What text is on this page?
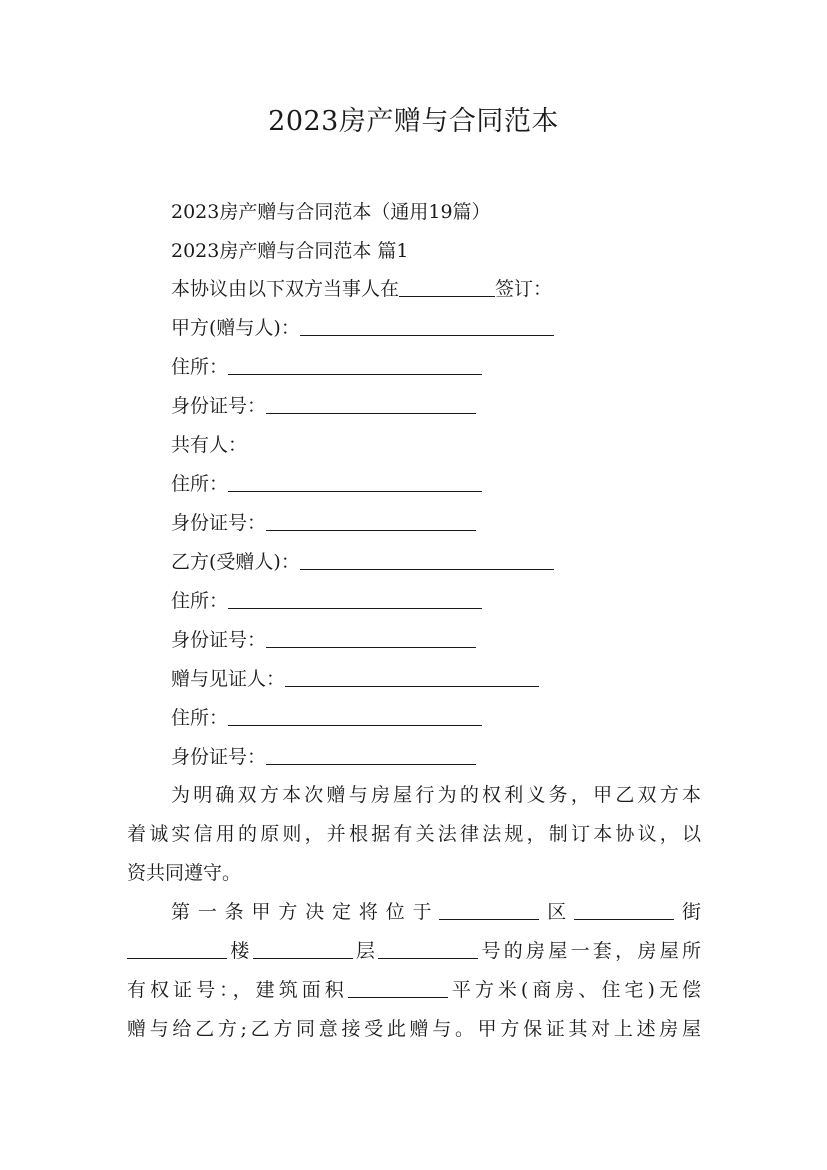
2023房产赠与合同范本
2023房产赠与合同范本（通用19篇）
2023房产赠与合同范本 篇1
本协议由以下双方当事人在	签订：
甲方(赠与人)：
住所：
身份证号：
共有人：
住所：
身份证号：
乙方(受赠人)：
住所：
身份证号：
赠与见证人：
住所：
身份证号：
为明确双方本次赠与房屋行为的权利义务，甲乙双方本
着诚实信用的原则，并根据有关法律法规，制订本协议，以
资共同遵守。
第一条甲方决定将位于	区	街
楼	层	号的房屋一套，房屋所
有权证号：，建筑面积	平方米(商房、住宅)无偿
赠与给乙方;乙方同意接受此赠与。甲方保证其对上述房屋
